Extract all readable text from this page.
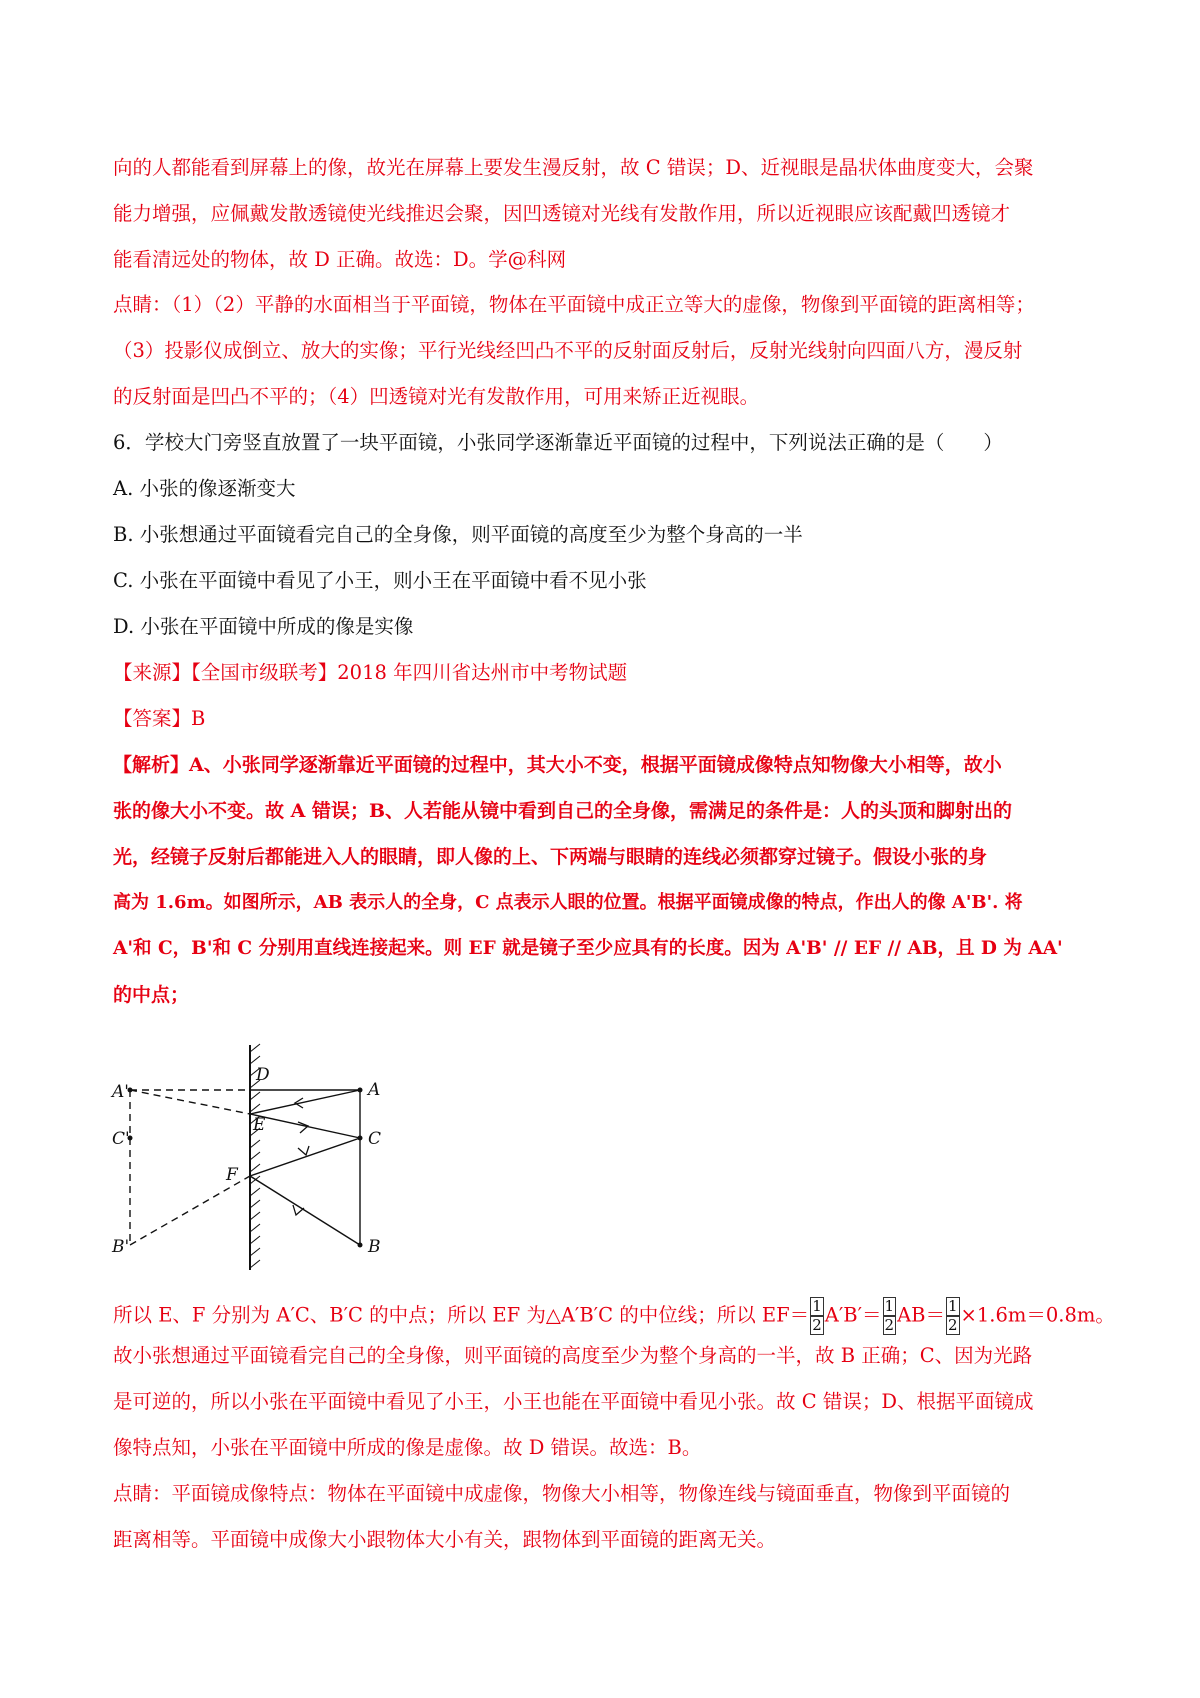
向的人都能看到屏幕上的像，故光在屏幕上要发生漫反射，故 C 错误；D、近视眼是晶状体曲度变大，会聚
能力增强，应佩戴发散透镜使光线推迟会聚，因凹透镜对光线有发散作用，所以近视眼应该配戴凹透镜才
能看清远处的物体，故 D 正确。故选：D。学@科网
点睛：（1）（2）平静的水面相当于平面镜，物体在平面镜中成正立等大的虚像，物像到平面镜的距离相等；
（3）投影仪成倒立、放大的实像；平行光线经凹凸不平的反射面反射后，反射光线射向四面八方，漫反射
的反射面是凹凸不平的；（4）凹透镜对光有发散作用，可用来矫正近视眼。
6．学校大门旁竖直放置了一块平面镜，小张同学逐渐靠近平面镜的过程中，下列说法正确的是（　　）
A. 小张的像逐渐变大
B. 小张想通过平面镜看完自己的全身像，则平面镜的高度至少为整个身高的一半
C. 小张在平面镜中看见了小王，则小王在平面镜中看不见小张
D. 小张在平面镜中所成的像是实像
【来源】【全国市级联考】2018 年四川省达州市中考物试题
【答案】B
【解析】A、小张同学逐渐靠近平面镜的过程中，其大小不变，根据平面镜成像特点知物像大小相等，故小
张的像大小不变。故 A 错误；B、人若能从镜中看到自己的全身像，需满足的条件是：人的头顶和脚射出的
光，经镜子反射后都能进入人的眼睛，即人像的上、下两端与眼睛的连线必须都穿过镜子。假设小张的身
高为 1.6m。如图所示，AB 表示人的全身，C 点表示人眼的位置。根据平面镜成像的特点，作出人的像 A'B'. 将
A'和 C，B'和 C 分别用直线连接起来。则 EF 就是镜子至少应具有的长度。因为 A'B' // EF // AB，且 D 为 AA'
的中点；
A'
C'
B'
D
E
F
A
C
B
所以 E、F 分别为 A′C、B′C 的中点；所以 EF 为△A′B′C 的中位线；所以 $EF= \frac{1}{2} A'B'= \frac{1}{2} AB= \frac{1}{2} \times 1.6m=0.8m$。
故小张想通过平面镜看完自己的全身像，则平面镜的高度至少为整个身高的一半，故 B 正确；C、因为光路
是可逆的，所以小张在平面镜中看见了小王，小王也能在平面镜中看见小张。故 C 错误；D、根据平面镜成
像特点知，小张在平面镜中所成的像是虚像。故 D 错误。故选：B。
点睛：平面镜成像特点：物体在平面镜中成虚像，物像大小相等，物像连线与镜面垂直，物像到平面镜的
距离相等。平面镜中成像大小跟物体大小有关，跟物体到平面镜的距离无关。
